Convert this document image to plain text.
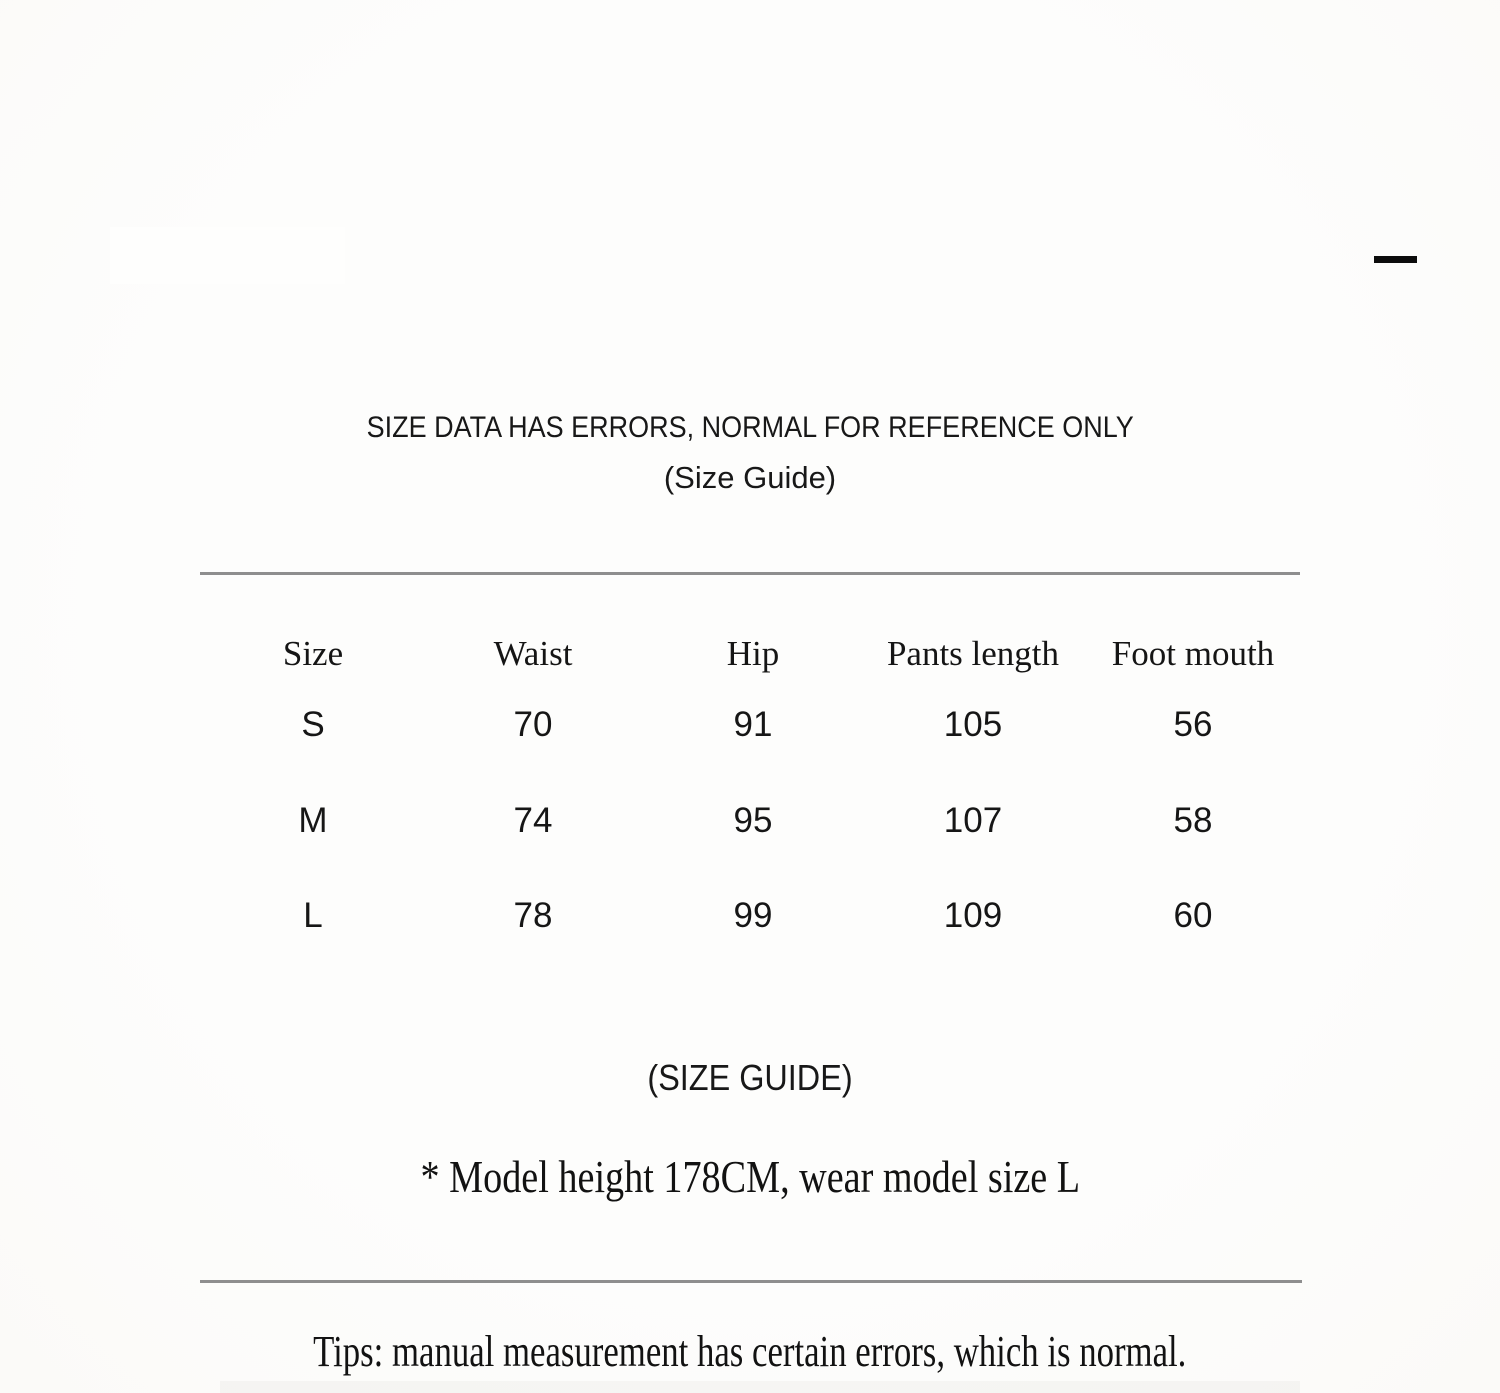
SIZE DATA HAS ERRORS, NORMAL FOR REFERENCE ONLY
(Size Guide)
Size	Waist	Hip	Pants length	Foot mouth
S	70	91	105	56
M	74	95	107	58
L	78	99	109	60
(SIZE GUIDE)
* Model height 178CM, wear model size L
Tips: manual measurement has certain errors, which is normal.
